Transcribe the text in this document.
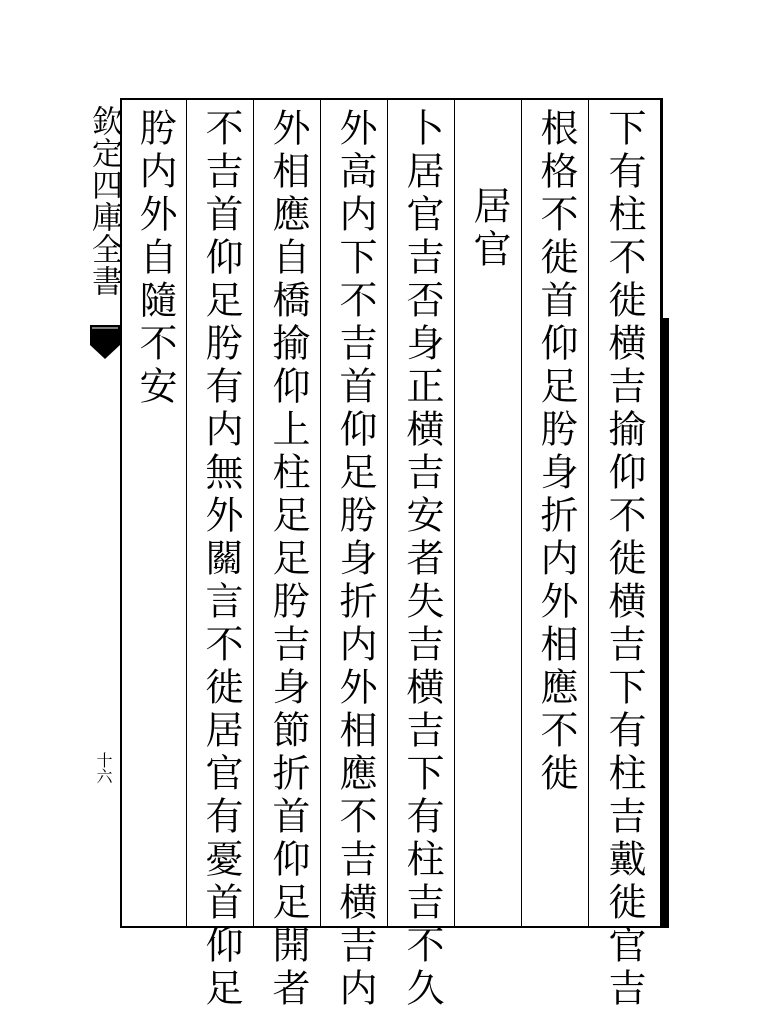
欽定四庫全書
十六	下有柱不徙横吉揄仰不徙横吉下有柱吉戴徙官吉
根格不徙首仰足肹身折内外相應不徙
居官
卜居官吉否身正横吉安者失吉横吉下有柱吉不久
外高内下不吉首仰足肹身折内外相應不吉横吉内
外相應自橋揄仰上柱足足肹吉身節折首仰足開者
不吉首仰足肹有内無外關言不徙居官有憂首仰足
肹内外自隨不安
